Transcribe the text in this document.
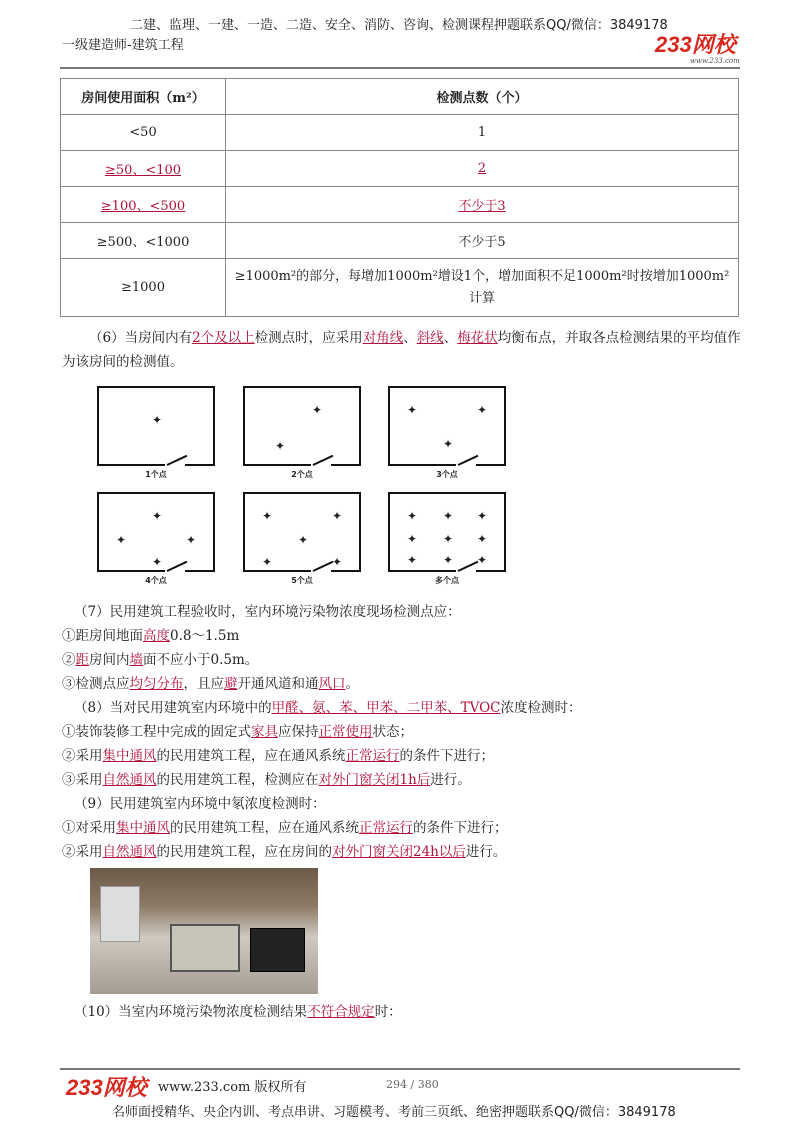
二建、监理、一建、一造、二造、安全、消防、咨询、检测课程押题联系QQ/微信：3849178
一级建造师-建筑工程	233网校
www.233.com
房间使用面积（m²）	检测点数（个）
<50	1
≥50、<100	2
≥100、<500	不少于3
≥500、<1000	不少于5
≥1000	≥1000m²的部分，每增加1000m²增设1个，增加面积不足1000m²时按增加1000m²计算
（6）当房间内有2个及以上检测点时，应采用对角线、斜线、梅花状均衡布点，并取各点检测结果的平均值作为该房间的检测值。
（7）民用建筑工程验收时，室内环境污染物浓度现场检测点应：
①距房间地面高度0.8～1.5m
②距房间内墙面不应小于0.5m。
③检测点应均匀分布，且应避开通风道和通风口。
（8）当对民用建筑室内环境中的甲醛、氨、苯、甲苯、二甲苯、TVOC浓度检测时：
①装饰装修工程中完成的固定式家具应保持正常使用状态；
②采用集中通风的民用建筑工程，应在通风系统正常运行的条件下进行；
③采用自然通风的民用建筑工程，检测应在对外门窗关闭1h后进行。
（9）民用建筑室内环境中氡浓度检测时：
①对采用集中通风的民用建筑工程，应在通风系统正常运行的条件下进行；
②采用自然通风的民用建筑工程，应在房间的对外门窗关闭24h以后进行。
（10）当室内环境污染物浓度检测结果不符合规定时：
✦
1个点
✦
✦
2个点
✦	✦
✦
3个点
✦
✦	✦
✦
4个点
✦	✦
✦
✦	✦
5个点
✦ ✦ ✦
✦ ✦ ✦
✦ ✦ ✦
多个点
233网校 www.233.com 版权所有	294 / 380
名师面授精华、央企内训、考点串讲、习题模考、考前三页纸、绝密押题联系QQ/微信：3849178
